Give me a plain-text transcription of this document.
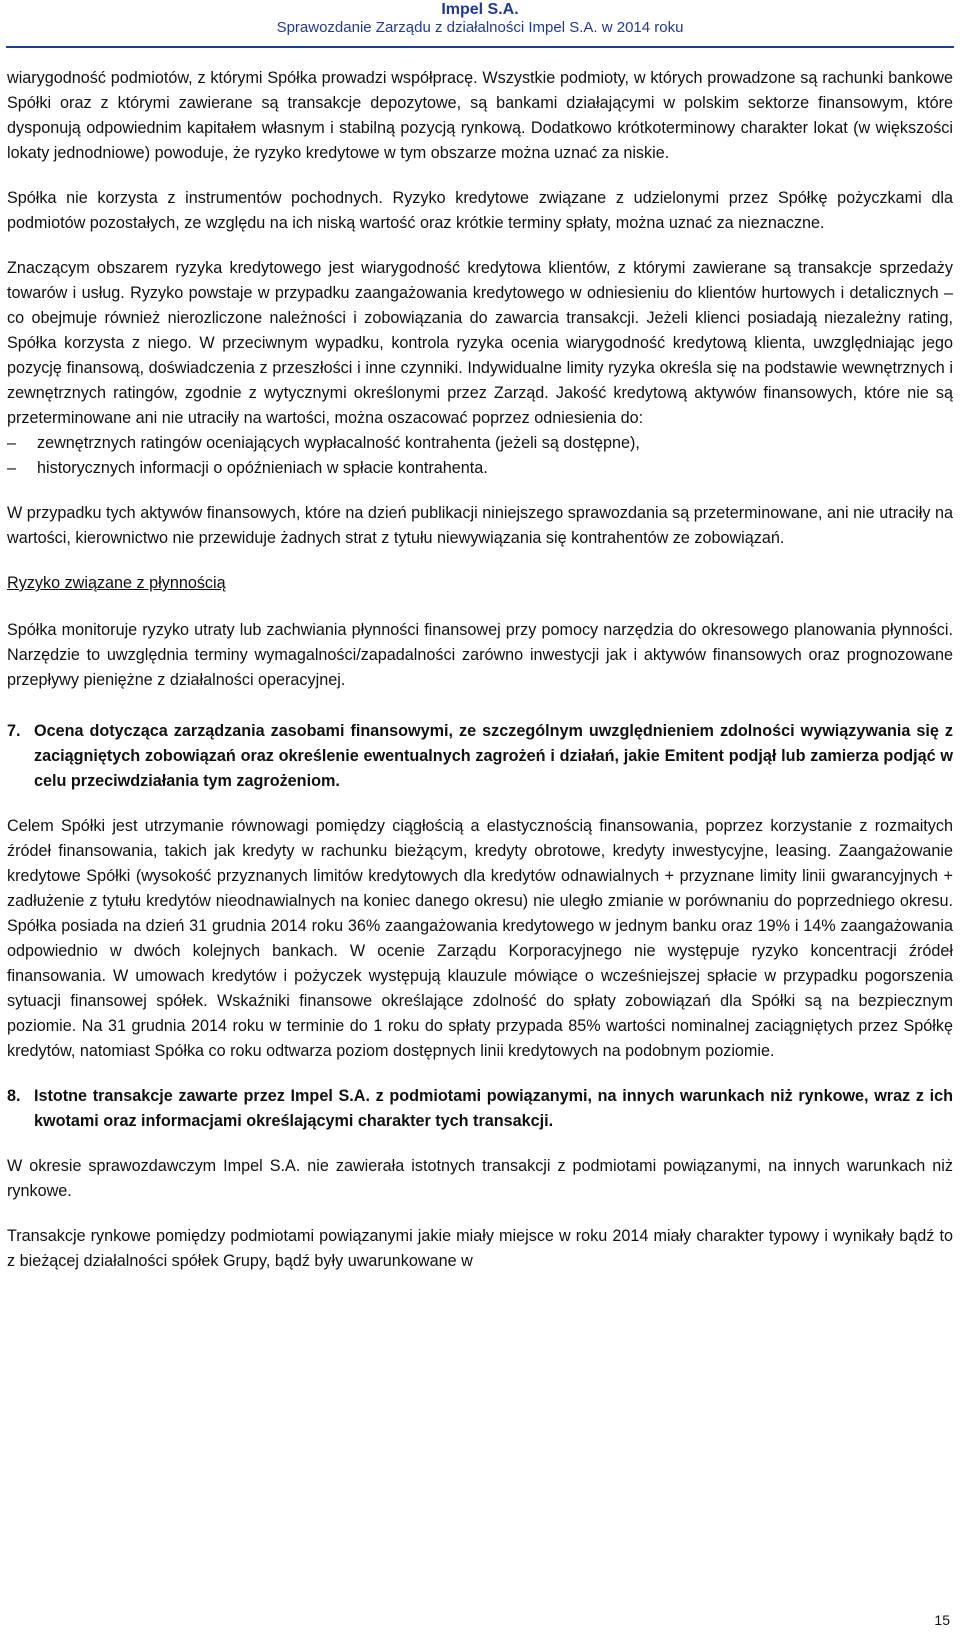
Impel S.A.
Sprawozdanie Zarządu z działalności Impel S.A. w 2014 roku

wiarygodność podmiotów, z którymi Spółka prowadzi współpracę. Wszystkie podmioty, w których prowadzone są rachunki bankowe Spółki oraz z którymi zawierane są transakcje depozytowe, są bankami działającymi w polskim sektorze finansowym, które dysponują odpowiednim kapitałem własnym i stabilną pozycją rynkową. Dodatkowo krótkoterminowy charakter lokat (w większości lokaty jednodniowe) powoduje, że ryzyko kredytowe w tym obszarze można uznać za niskie.

Spółka nie korzysta z instrumentów pochodnych. Ryzyko kredytowe związane z udzielonymi przez Spółkę pożyczkami dla podmiotów pozostałych, ze względu na ich niską wartość oraz krótkie terminy spłaty, można uznać za nieznaczne.

Znaczącym obszarem ryzyka kredytowego jest wiarygodność kredytowa klientów, z którymi zawierane są transakcje sprzedaży towarów i usług. Ryzyko powstaje w przypadku zaangażowania kredytowego w odniesieniu do klientów hurtowych i detalicznych – co obejmuje również nierozliczone należności i zobowiązania do zawarcia transakcji. Jeżeli klienci posiadają niezależny rating, Spółka korzysta z niego. W przeciwnym wypadku, kontrola ryzyka ocenia wiarygodność kredytową klienta, uwzględniając jego pozycję finansową, doświadczenia z przeszłości i inne czynniki. Indywidualne limity ryzyka określa się na podstawie wewnętrznych i zewnętrznych ratingów, zgodnie z wytycznymi określonymi przez Zarząd. Jakość kredytową aktywów finansowych, które nie są przeterminowane ani nie utraciły na wartości, można oszacować poprzez odniesienia do:

– zewnętrznych ratingów oceniających wypłacalność kontrahenta (jeżeli są dostępne),
– historycznych informacji o opóźnieniach w spłacie kontrahenta.

W przypadku tych aktywów finansowych, które na dzień publikacji niniejszego sprawozdania są przeterminowane, ani nie utraciły na wartości, kierownictwo nie przewiduje żadnych strat z tytułu niewywiązania się kontrahentów ze zobowiązań.

Ryzyko związane z płynnością

Spółka monitoruje ryzyko utraty lub zachwiania płynności finansowej przy pomocy narzędzia do okresowego planowania płynności. Narzędzie to uwzględnia terminy wymagalności/zapadalności zarówno inwestycji jak i aktywów finansowych oraz prognozowane przepływy pieniężne z działalności operacyjnej.

7. Ocena dotycząca zarządzania zasobami finansowymi, ze szczególnym uwzględnieniem zdolności wywiązywania się z zaciągniętych zobowiązań oraz określenie ewentualnych zagrożeń i działań, jakie Emitent podjął lub zamierza podjąć w celu przeciwdziałania tym zagrożeniom.

Celem Spółki jest utrzymanie równowagi pomiędzy ciągłością a elastycznością finansowania, poprzez korzystanie z rozmaitych źródeł finansowania, takich jak kredyty w rachunku bieżącym, kredyty obrotowe, kredyty inwestycyjne, leasing. Zaangażowanie kredytowe Spółki (wysokość przyznanych limitów kredytowych dla kredytów odnawialnych + przyznane limity linii gwarancyjnych + zadłużenie z tytułu kredytów nieodnawialnych na koniec danego okresu) nie uległo zmianie w porównaniu do poprzedniego okresu. Spółka posiada na dzień 31 grudnia 2014 roku 36% zaangażowania kredytowego w jednym banku oraz 19% i 14% zaangażowania odpowiednio w dwóch kolejnych bankach. W ocenie Zarządu Korporacyjnego nie występuje ryzyko koncentracji źródeł finansowania. W umowach kredytów i pożyczek występują klauzule mówiące o wcześniejszej spłacie w przypadku pogorszenia sytuacji finansowej spółek. Wskaźniki finansowe określające zdolność do spłaty zobowiązań dla Spółki są na bezpiecznym poziomie. Na 31 grudnia 2014 roku w terminie do 1 roku do spłaty przypada 85% wartości nominalnej zaciągniętych przez Spółkę kredytów, natomiast Spółka co roku odtwarza poziom dostępnych linii kredytowych na podobnym poziomie.

8. Istotne transakcje zawarte przez Impel S.A. z podmiotami powiązanymi, na innych warunkach niż rynkowe, wraz z ich kwotami oraz informacjami określającymi charakter tych transakcji.

W okresie sprawozdawczym Impel S.A. nie zawierała istotnych transakcji z podmiotami powiązanymi, na innych warunkach niż rynkowe.

Transakcje rynkowe pomiędzy podmiotami powiązanymi jakie miały miejsce w roku 2014 miały charakter typowy i wynikały bądź to z bieżącej działalności spółek Grupy, bądź były uwarunkowane w

15
